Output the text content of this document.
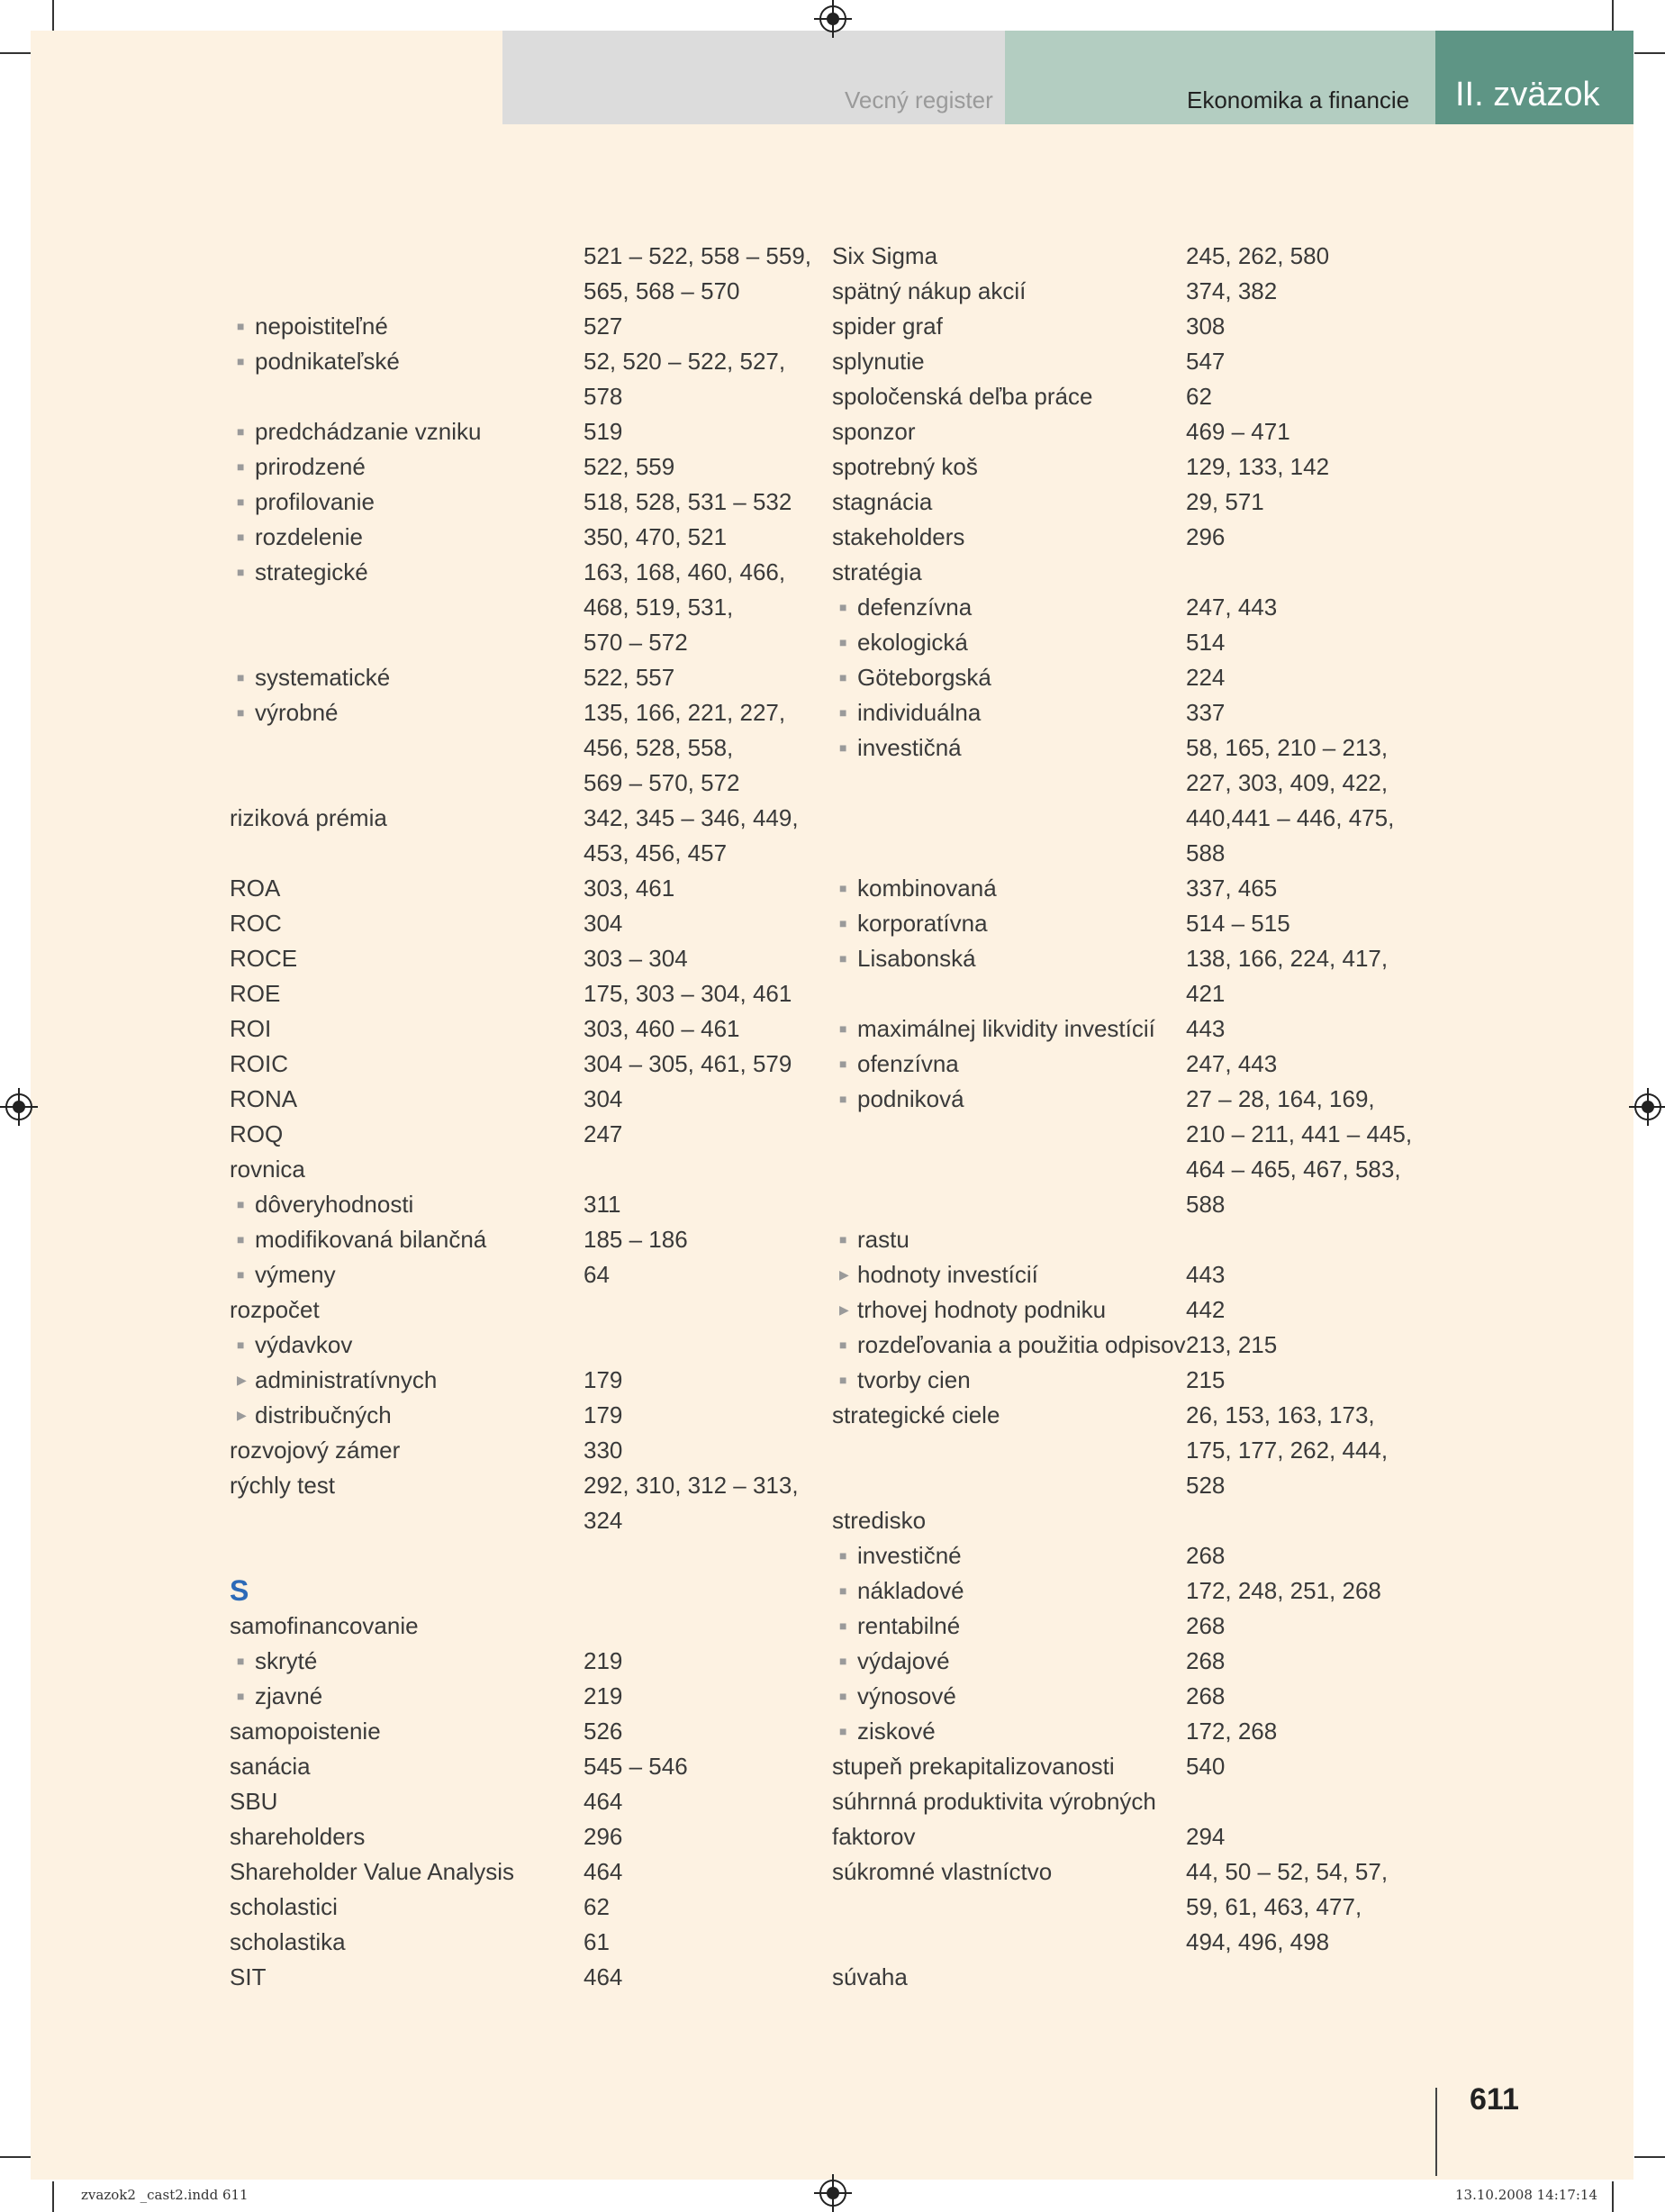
Vecný register	Ekonomika a financie II. zväzok
521 – 522, 558 – 559,
565, 568 – 570
■ nepoistiteľné	527
■ podnikateľské	52, 520 – 522, 527,
578
■ predchádzanie vzniku	519
■ prirodzené	522, 559
■ profilovanie	518, 528, 531 – 532
■ rozdelenie	350, 470, 521
■ strategické	163, 168, 460, 466,
468, 519, 531,
570 – 572
■ systematické	522, 557
■ výrobné	135, 166, 221, 227,
456, 528, 558,
569 – 570, 572
riziková prémia	342, 345 – 346, 449,
453, 456, 457
ROA	303, 461
ROC	304
ROCE	303 – 304
ROE	175, 303 – 304, 461
ROI	303, 460 – 461
ROIC	304 – 305, 461, 579
RONA	304
ROQ	247
rovnica
■ dôveryhodnosti	311
■ modifikovaná bilančná	185 – 186
■ výmeny	64
rozpočet
■ výdavkov
▶ administratívnych	179
▶ distribučných	179
rozvojový zámer	330
rýchly test	292, 310, 312 – 313,
324
S
samofinancovanie
■ skryté	219
■ zjavné	219
samopoistenie	526
sanácia	545 – 546
SBU	464
shareholders	296
Shareholder Value Analysis	464
scholastici	62
scholastika	61
SIT	464
Six Sigma	245, 262, 580
spätný nákup akcií	374, 382
spider graf	308
splynutie	547
spoločenská deľba práce	62
sponzor	469 – 471
spotrebný koš	129, 133, 142
stagnácia	29, 571
stakeholders	296
stratégia
■ defenzívna	247, 443
■ ekologická	514
■ Göteborgská	224
■ individuálna	337
■ investičná	58, 165, 210 – 213,
227, 303, 409, 422,
440,441 – 446, 475,
588
■ kombinovaná	337, 465
■ korporatívna	514 – 515
■ Lisabonská	138, 166, 224, 417,
421
■ maximálnej likvidity investícií 443
■ ofenzívna	247, 443
■ podniková	27 – 28, 164, 169,
210 – 211, 441 – 445,
464 – 465, 467, 583,
588
■ rastu
▶ hodnoty investícií	443
▶ trhovej hodnoty podniku	442
■ rozdeľovania a použitia odpisov 213, 215
■ tvorby cien	215
strategické ciele	26, 153, 163, 173,
175, 177, 262, 444,
528
stredisko
■ investičné	268
■ nákladové	172, 248, 251, 268
■ rentabilné	268
■ výdajové	268
■ výnosové	268
■ ziskové	172, 268
stupeň prekapitalizovanosti	540
súhrnná produktivita výrobných
faktorov	294
súkromné vlastníctvo	44, 50 – 52, 54, 57,
59, 61, 463, 477,
494, 496, 498
súvaha
611
zvazok2 _cast2.indd 611	13.10.2008 14:17:14
